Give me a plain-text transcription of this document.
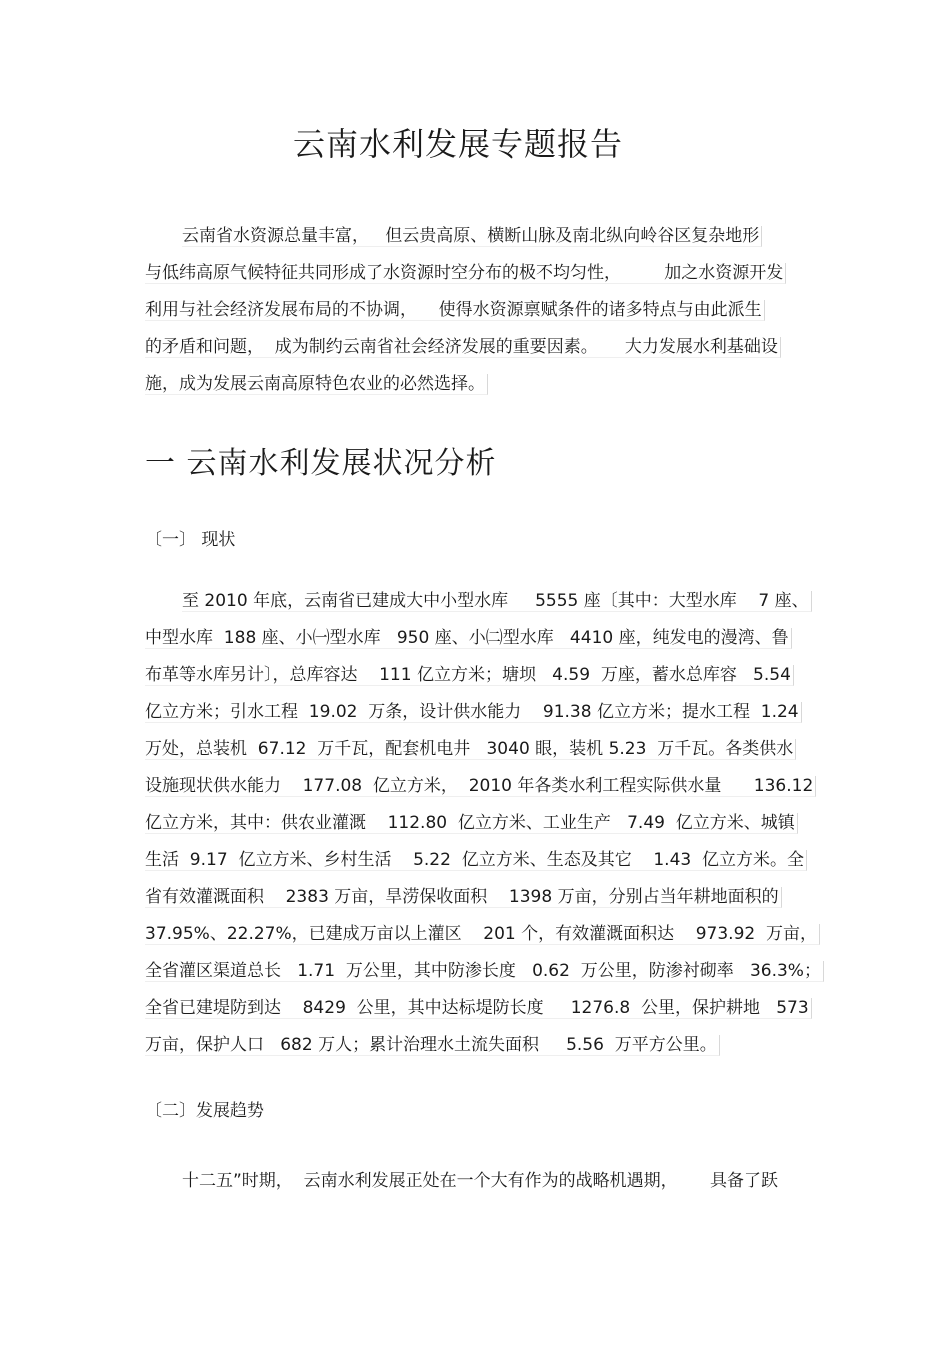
云南水利发展专题报告
云南省水资源总量丰富，   但云贵高原、横断山脉及南北纵向岭谷区复杂地形
与低纬高原气候特征共同形成了水资源时空分布的极不均匀性，        加之水资源开发
利用与社会经济发展布局的不协调，    使得水资源禀赋条件的诸多特点与由此派生
的矛盾和问题，  成为制约云南省社会经济发展的重要因素。     大力发展水利基础设
施，成为发展云南高原特色农业的必然选择。
一 云南水利发展状况分析
〔一〕 现状
至 2010 年底，云南省已建成大中小型水库     5555 座〔其中：大型水库    7 座、
中型水库  188 座、小㈠型水库   950 座、小㈡型水库   4410 座，纯发电的漫湾、鲁
布革等水库另计〕，总库容达    111 亿立方米；塘坝   4.59  万座，蓄水总库容   5.54
亿立方米；引水工程  19.02  万条，设计供水能力    91.38 亿立方米；提水工程  1.24
万处，总装机  67.12  万千瓦，配套机电井   3040 眼，装机 5.23  万千瓦。各类供水
设施现状供水能力    177.08  亿立方米，  2010 年各类水利工程实际供水量      136.12
亿立方米，其中：供农业灌溉    112.80  亿立方米、工业生产   7.49  亿立方米、城镇
生活  9.17  亿立方米、乡村生活    5.22  亿立方米、生态及其它    1.43  亿立方米。全
省有效灌溉面积    2383 万亩，旱涝保收面积    1398 万亩，分别占当年耕地面积的
37.95%、22.27%，已建成万亩以上灌区    201 个，有效灌溉面积达    973.92  万亩，
全省灌区渠道总长   1.71  万公里，其中防渗长度   0.62  万公里，防渗衬砌率   36.3%；
全省已建堤防到达    8429  公里，其中达标堤防长度     1276.8  公里，保护耕地   573
万亩，保护人口   682 万人；累计治理水土流失面积     5.56  万平方公里。
〔二〕发展趋势
十二五”时期，  云南水利发展正处在一个大有作为的战略机遇期，      具备了跃
